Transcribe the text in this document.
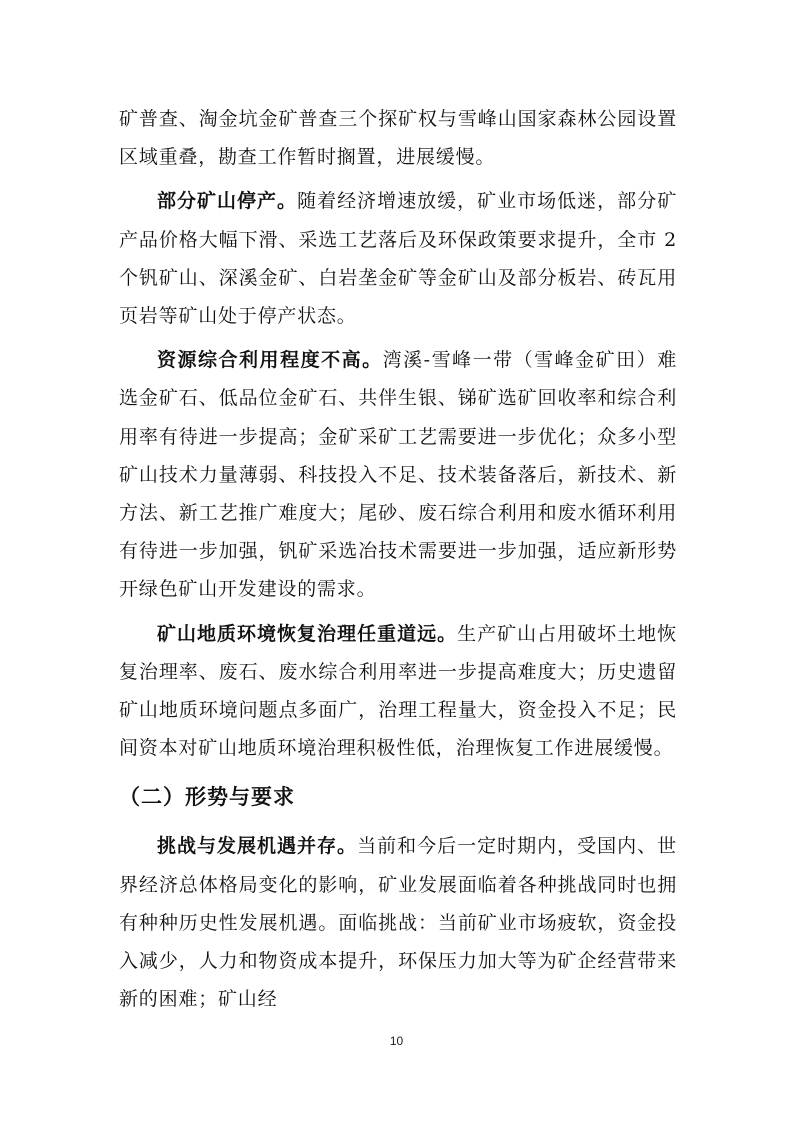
矿普查、淘金坑金矿普查三个探矿权与雪峰山国家森林公园设置区域重叠，勘查工作暂时搁置，进展缓慢。

部分矿山停产。随着经济增速放缓，矿业市场低迷，部分矿产品价格大幅下滑、采选工艺落后及环保政策要求提升，全市 2 个钒矿山、深溪金矿、白岩垄金矿等金矿山及部分板岩、砖瓦用页岩等矿山处于停产状态。

资源综合利用程度不高。湾溪-雪峰一带（雪峰金矿田）难选金矿石、低品位金矿石、共伴生银、锑矿选矿回收率和综合利用率有待进一步提高；金矿采矿工艺需要进一步优化；众多小型矿山技术力量薄弱、科技投入不足、技术装备落后，新技术、新方法、新工艺推广难度大；尾砂、废石综合利用和废水循环利用有待进一步加强，钒矿采选冶技术需要进一步加强，适应新形势开绿色矿山开发建设的需求。

矿山地质环境恢复治理任重道远。生产矿山占用破坏土地恢复治理率、废石、废水综合利用率进一步提高难度大；历史遗留矿山地质环境问题点多面广，治理工程量大，资金投入不足；民间资本对矿山地质环境治理积极性低，治理恢复工作进展缓慢。

（二）形势与要求

挑战与发展机遇并存。当前和今后一定时期内，受国内、世界经济总体格局变化的影响，矿业发展面临着各种挑战同时也拥有种种历史性发展机遇。面临挑战：当前矿业市场疲软，资金投入减少，人力和物资成本提升，环保压力加大等为矿企经营带来新的困难；矿山经

10
